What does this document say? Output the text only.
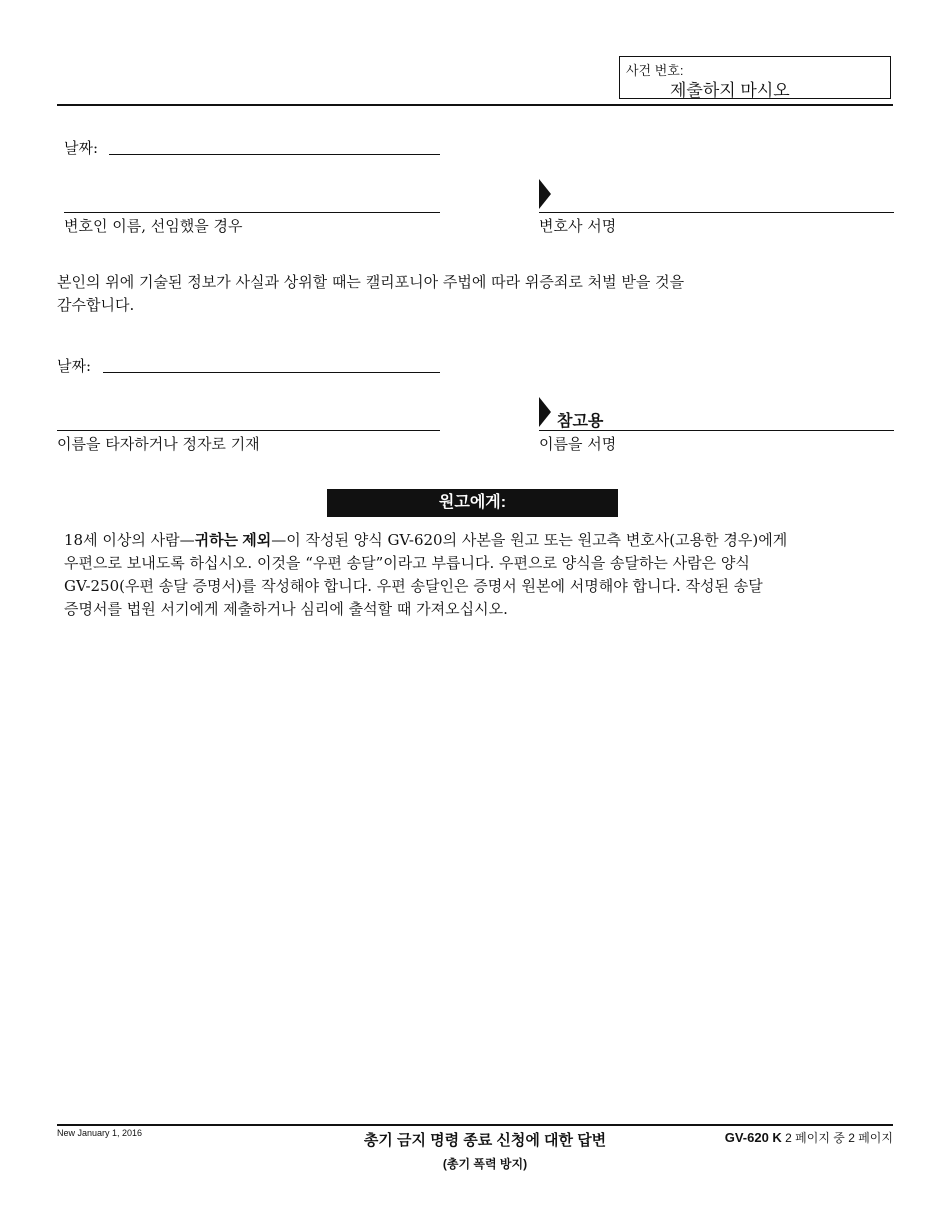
사건 번호:
제출하지 마시오
날짜:
변호인 이름, 선임했을 경우	변호사 서명
본인의 위에 기술된 정보가 사실과 상위할 때는 캘리포니아 주법에 따라 위증죄로 처벌 받을 것을
감수합니다.
날짜:
이름을 타자하거나 정자로 기재
참고용
이름을 서명
원고에게:
18세 이상의 사람—귀하는 제외—이 작성된 양식 GV-620의 사본을 원고 또는 원고측 변호사(고용한 경우)에게
우편으로 보내도록 하십시오. 이것을 “우편 송달”이라고 부릅니다. 우편으로 양식을 송달하는 사람은 양식
GV-250(우편 송달 증명서)를 작성해야 합니다. 우편 송달인은 증명서 원본에 서명해야 합니다. 작성된 송달
증명서를 법원 서기에게 제출하거나 심리에 출석할 때 가져오십시오.
New January 1, 2016	총기 금지 명령 종료 신청에 대한 답변
(총기 폭력 방지)
GV-620 K 2 페이지 중 2 페이지
